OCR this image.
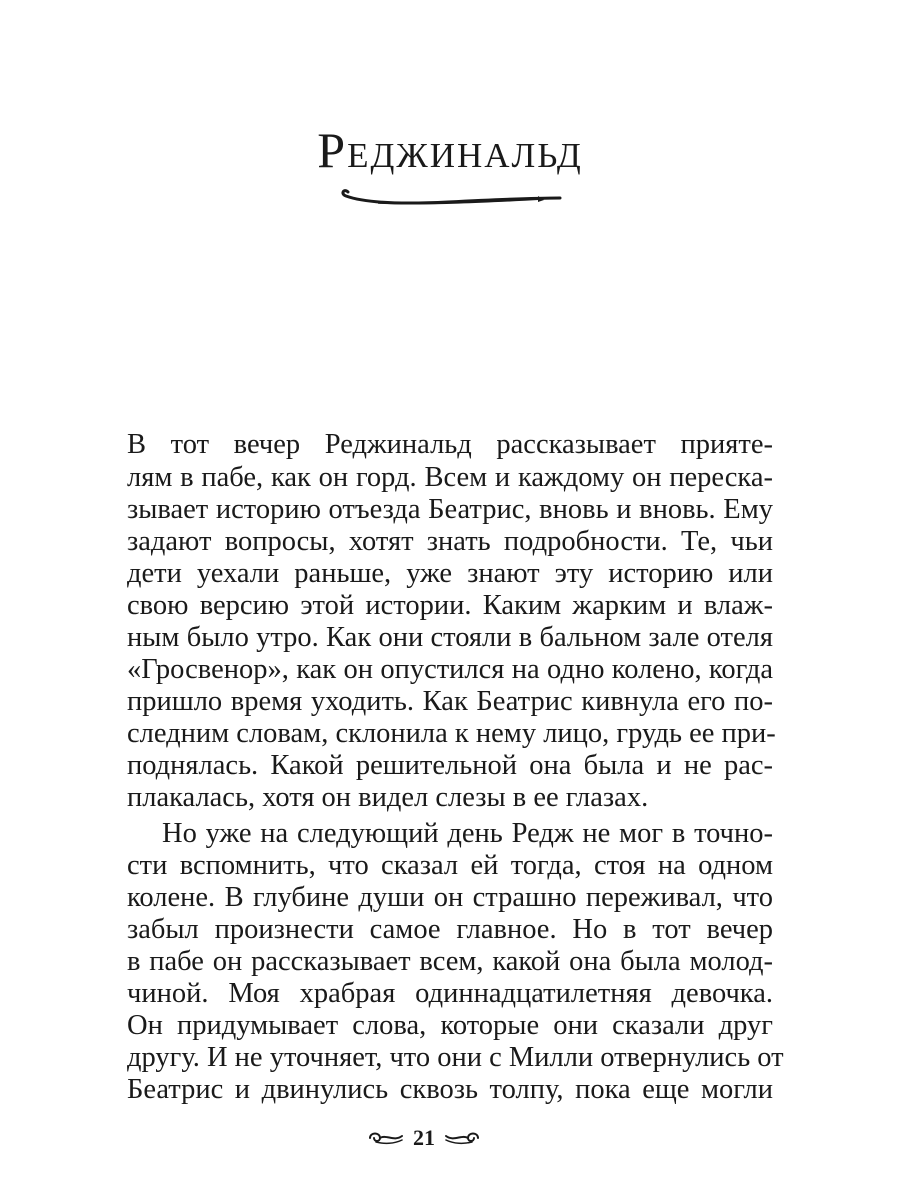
Реджинальд
В тот вечер Реджинальд рассказывает прияте-
лям в пабе, как он горд. Всем и каждому он переска-
зывает историю отъезда Беатрис, вновь и вновь. Ему
задают вопросы, хотят знать подробности. Те, чьи
дети уехали раньше, уже знают эту историю или
свою версию этой истории. Каким жарким и влаж-
ным было утро. Как они стояли в бальном зале отеля
«Гросвенор», как он опустился на одно колено, когда
пришло время уходить. Как Беатрис кивнула его по-
следним словам, склонила к нему лицо, грудь ее при-
поднялась. Какой решительной она была и не рас-
плакалась, хотя он видел слезы в ее глазах.
Но уже на следующий день Редж не мог в точно-
сти вспомнить, что сказал ей тогда, стоя на одном
колене. В глубине души он страшно переживал, что
забыл произнести самое главное. Но в тот вечер
в пабе он рассказывает всем, какой она была молод-
чиной. Моя храбрая одиннадцатилетняя девочка.
Он придумывает слова, которые они сказали друг
другу. И не уточняет, что они с Милли отвернулись от
Беатрис и двинулись сквозь толпу, пока еще могли
21
